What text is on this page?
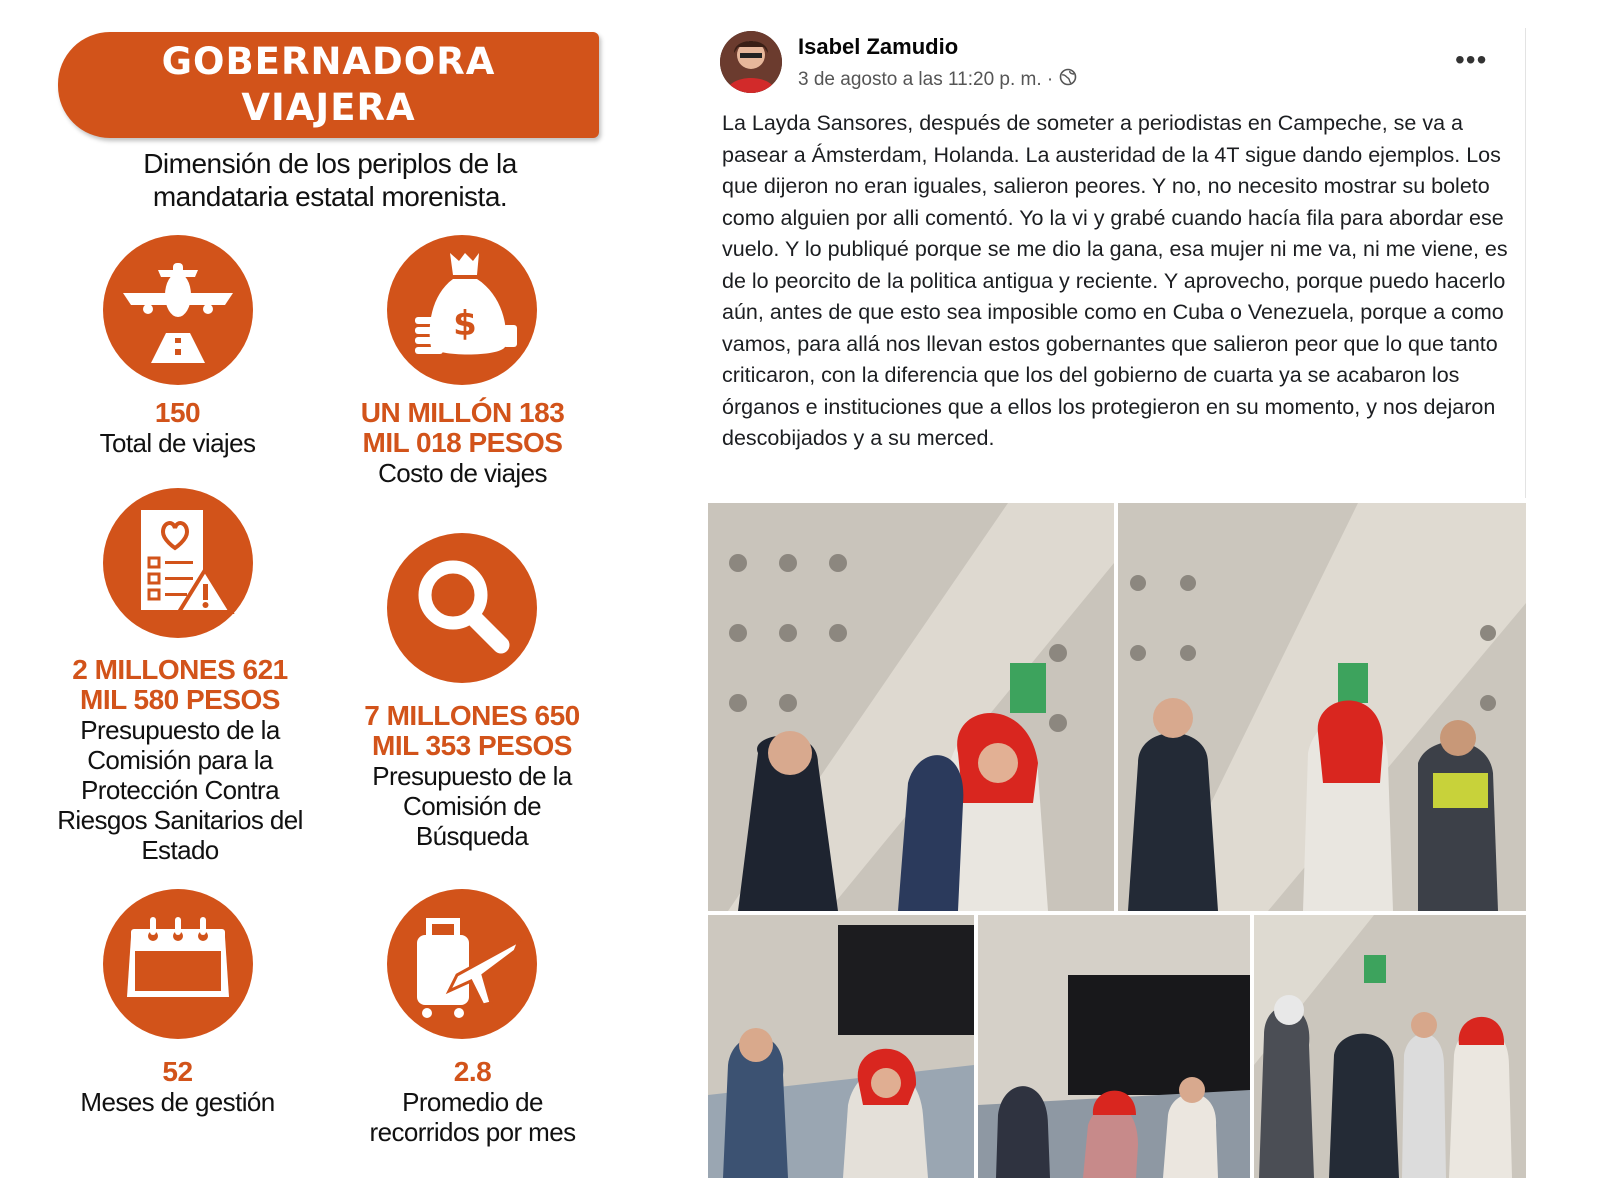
GOBERNADORA
VIAJERA
Dimensión de los periplos de la mandataria estatal morenista.
$
150
Total de viajes
UN MILLÓN 183 MIL 018 PESOS
Costo de viajes
2 MILLONES 621 MIL 580 PESOS
Presupuesto de la Comisión para la Protección Contra Riesgos Sanitarios del Estado
7 MILLONES 650 MIL 353 PESOS
Presupuesto de la Comisión de Búsqueda
52
Meses de gestión
2.8
Promedio de recorridos por mes
Isabel Zamudio
3 de agosto a las 11:20 p. m. ·
•••
La Layda Sansores, después de someter a periodistas en Campeche, se va a pasear a Ámsterdam, Holanda. La austeridad de la 4T sigue dando ejemplos. Los que dijeron no eran iguales, salieron peores. Y no, no necesito mostrar su boleto como alguien por alli comentó. Yo la vi y grabé cuando hacía fila para abordar ese vuelo. Y lo publiqué porque se me dio la gana, esa mujer ni me va, ni me viene, es de lo peorcito de la politica antigua y reciente. Y aprovecho, porque puedo hacerlo aún, antes de que esto sea imposible como en Cuba o Venezuela, porque a como vamos, para allá nos llevan estos gobernantes que salieron peor que lo que tanto criticaron, con la diferencia que los del gobierno de cuarta ya se acabaron los órganos e instituciones que a ellos los protegieron en su momento, y nos dejaron descobijados y a su merced.
